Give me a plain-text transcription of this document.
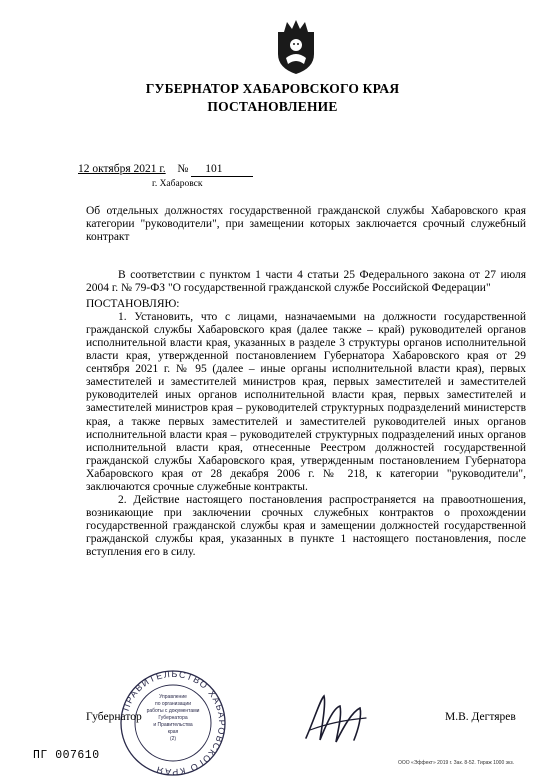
ГУБЕРНАТОР ХАБАРОВСКОГО КРАЯ
ПОСТАНОВЛЕНИЕ
12 октября 2021 г. № 101
г. Хабаровск
Об отдельных должностях государственной гражданской службы Хабаровского края категории "руководители", при замещении которых заключается срочный служебный контракт

В соответствии с пунктом 1 части 4 статьи 25 Федерального закона от 27 июля 2004 г. № 79-ФЗ "О государственной гражданской службе Российской Федерации"

ПОСТАНОВЛЯЮ:

1. Установить, что с лицами, назначаемыми на должности государственной гражданской службы Хабаровского края (далее также – край) руководителей органов исполнительной власти края, указанных в разделе 3 структуры органов исполнительной власти края, утвержденной постановлением Губернатора Хабаровского края от 29 сентября 2021 г. № 95 (далее – иные органы исполнительной власти края), первых заместителей и заместителей министров края, первых заместителей и заместителей руководителей иных органов исполнительной власти края, первых заместителей и заместителей министров края – руководителей структурных подразделений министерств края, а также первых заместителей и заместителей руководителей иных органов исполнительной власти края – руководителей структурных подразделений иных органов исполнительной власти края, отнесенные Реестром должностей государственной гражданской службы Хабаровского края, утвержденным постановлением Губернатора Хабаровского края от 28 декабря 2006 г. № 218, к категории "руководители", заключаются срочные служебные контракты.

2. Действие настоящего постановления распространяется на правоотношения, возникающие при заключении срочных служебных контрактов о прохождении государственной гражданской службы края и замещении должностей государственной гражданской службы края, указанных в пункте 1 настоящего постановления, после вступления его в силу.

ПРАВИТЕЛЬСТВО ХАБАРОВСКОГО КРАЯ
Управление
по организации
работы с документами
Губернатора
и Правительства
края
(2)
Губернатор	М.В. Дегтярев
ПГ 007610
ООО «Эффект» 2019 г. Зак. 8-52. Тираж 1000 экз.
